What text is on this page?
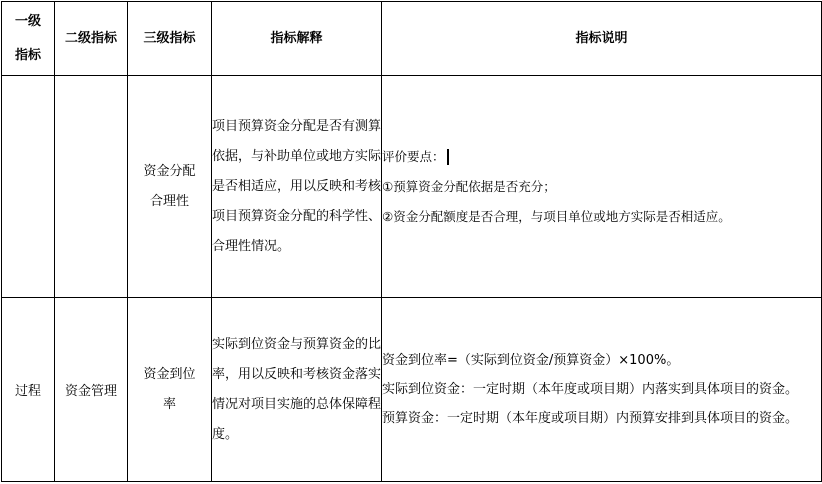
一级指标	二级指标	三级指标	指标解释	指标说明

		资金分配合理性	项目预算资金分配是否有测算依据，与补助单位或地方实际是否相适应，用以反映和考核项目预算资金分配的科学性、合理性情况。	评价要点：
①预算资金分配依据是否充分；
②资金分配额度是否合理，与项目单位或地方实际是否相适应。

过程	资金管理	资金到位率	实际到位资金与预算资金的比率，用以反映和考核资金落实情况对项目实施的总体保障程度。	资金到位率=（实际到位资金/预算资金）×100%。

实际到位资金：一定时期（本年度或项目期）内落实到具体项目的资金。

预算资金：一定时期（本年度或项目期）内预算安排到具体项目的资金。
